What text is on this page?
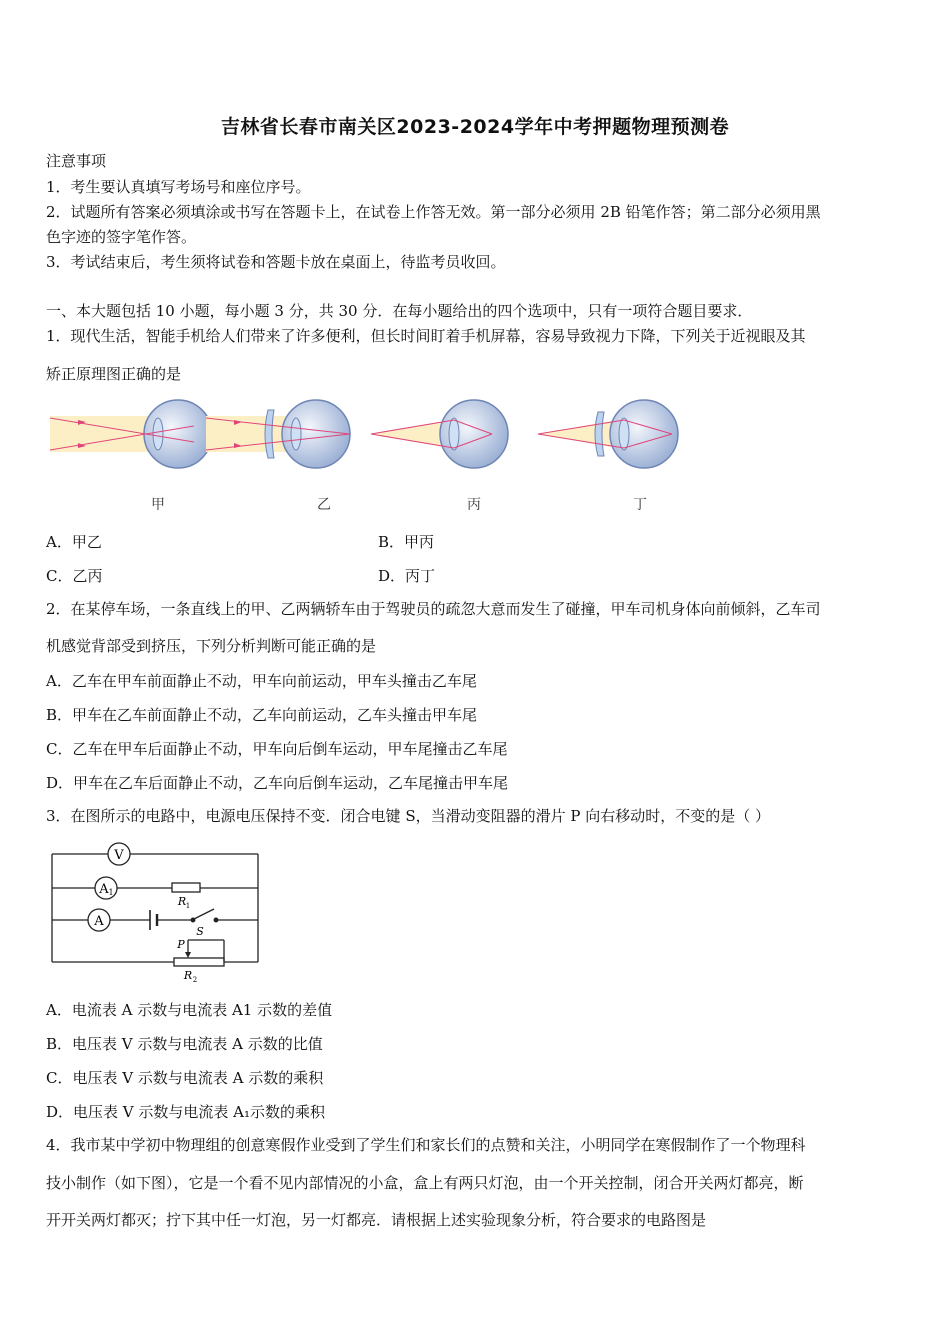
吉林省长春市南关区2023-2024学年中考押题物理预测卷
注意事项
1．考生要认真填写考场号和座位序号。
2．试题所有答案必须填涂或书写在答题卡上，在试卷上作答无效。第一部分必须用 2B 铅笔作答；第二部分必须用黑
色字迹的签字笔作答。
3．考试结束后，考生须将试卷和答题卡放在桌面上，待监考员收回。
一、本大题包括 10 小题，每小题 3 分，共 30 分．在每小题给出的四个选项中，只有一项符合题目要求．
1．现代生活，智能手机给人们带来了许多便利，但长时间盯着手机屏幕，容易导致视力下降，下列关于近视眼及其
矫正原理图正确的是
甲	乙	丙	丁
A．甲乙	B．甲丙
C．乙丙	D．丙丁
2．在某停车场，一条直线上的甲、乙两辆轿车由于驾驶员的疏忽大意而发生了碰撞，甲车司机身体向前倾斜，乙车司
机感觉背部受到挤压，下列分析判断可能正确的是
A．乙车在甲车前面静止不动，甲车向前运动，甲车头撞击乙车尾
B．甲车在乙车前面静止不动，乙车向前运动，乙车头撞击甲车尾
C．乙车在甲车后面静止不动，甲车向后倒车运动，甲车尾撞击乙车尾
D．甲车在乙车后面静止不动，乙车向后倒车运动，乙车尾撞击甲车尾
3．在图所示的电路中，电源电压保持不变．闭合电键 S，当滑动变阻器的滑片 P 向右移动时，不变的是（ ）
V
A 1
A
R 1
S
P
R 2
A．电流表 A 示数与电流表 A1 示数的差值
B．电压表 V 示数与电流表 A 示数的比值
C．电压表 V 示数与电流表 A 示数的乘积
D．电压表 V 示数与电流表 A₁示数的乘积
4．我市某中学初中物理组的创意寒假作业受到了学生们和家长们的点赞和关注，小明同学在寒假制作了一个物理科
技小制作（如下图），它是一个看不见内部情况的小盒，盒上有两只灯泡，由一个开关控制，闭合开关两灯都亮，断
开开关两灯都灭；拧下其中任一灯泡，另一灯都亮．请根据上述实验现象分析，符合要求的电路图是
